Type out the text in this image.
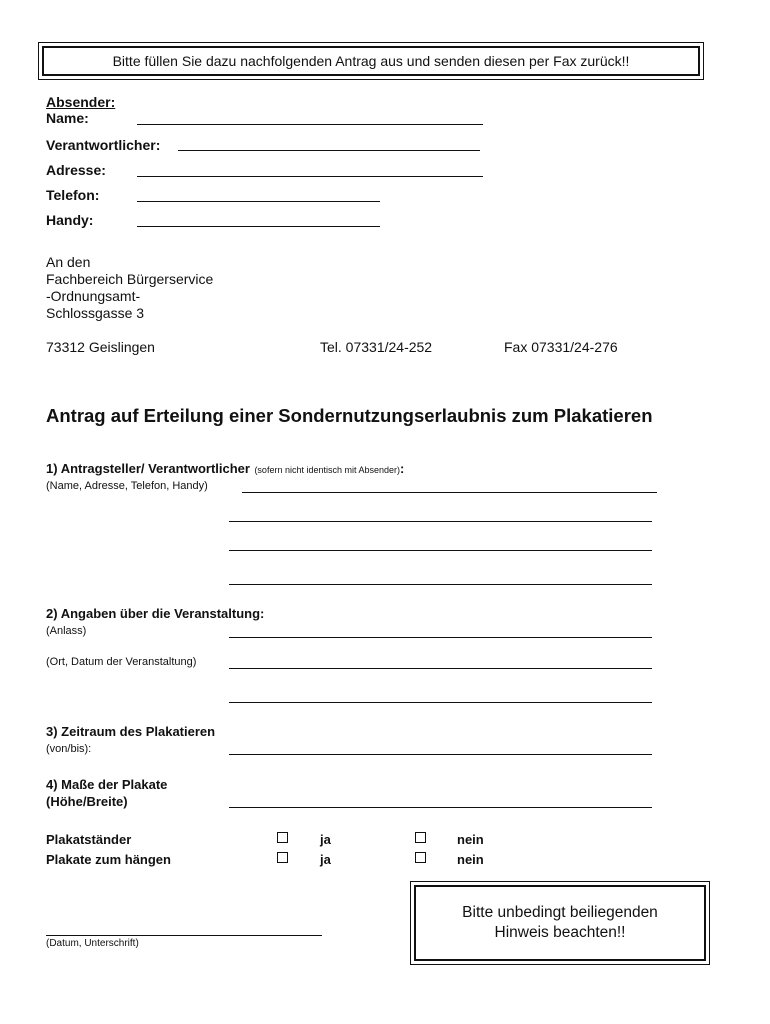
Bitte füllen Sie dazu nachfolgenden Antrag aus und senden diesen per Fax zurück!!
Absender:
Name:
Verantwortlicher:
Adresse:
Telefon:
Handy:
An den
Fachbereich Bürgerservice
-Ordnungsamt-
Schlossgasse 3
73312 Geislingen	Tel. 07331/24-252	Fax 07331/24-276
Antrag auf Erteilung einer Sondernutzungserlaubnis zum Plakatieren
1) Antragsteller/ Verantwortlicher (sofern nicht identisch mit Absender):
(Name, Adresse, Telefon, Handy)
2) Angaben über die Veranstaltung:
(Anlass)
(Ort, Datum der Veranstaltung)
3) Zeitraum des Plakatieren
(von/bis):
4) Maße der Plakate
(Höhe/Breite)
Plakatständer	ja	nein
Plakate zum hängen	ja	nein
(Datum, Unterschrift)
Bitte unbedingt beiliegenden
Hinweis beachten!!
